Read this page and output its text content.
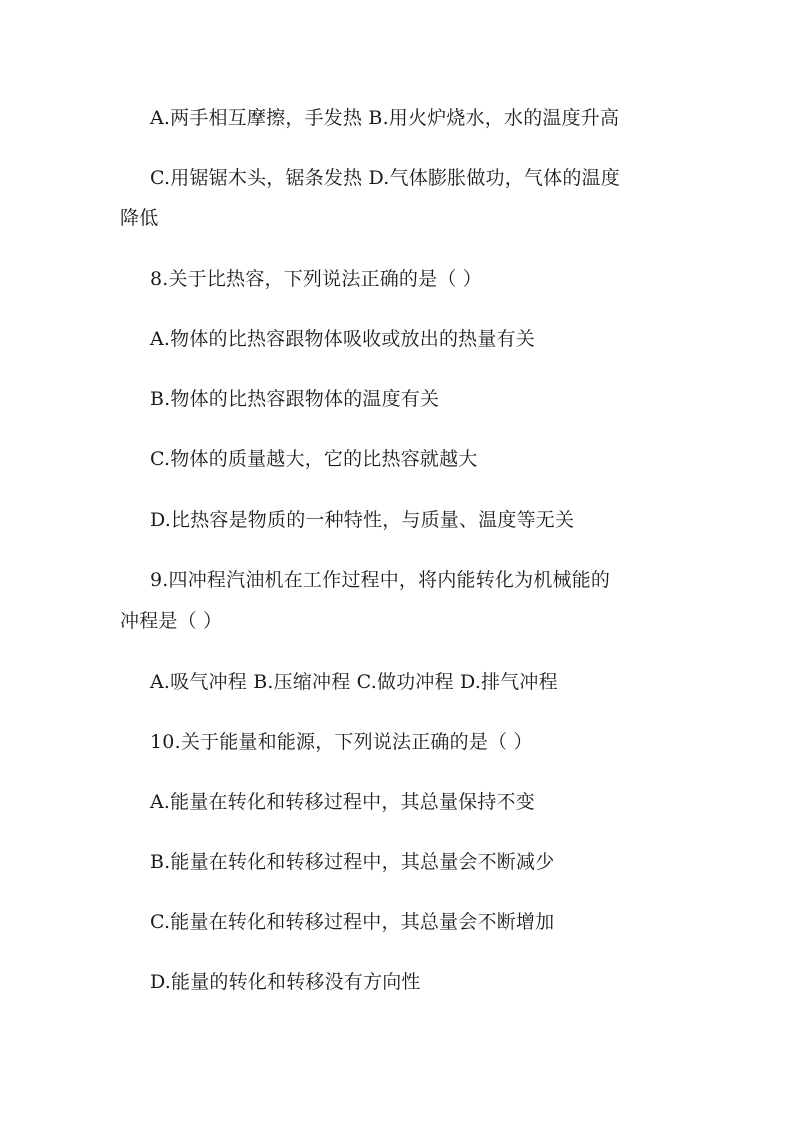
A.两手相互摩擦，手发热 B.用火炉烧水，水的温度升高
C.用锯锯木头，锯条发热 D.气体膨胀做功，气体的温度
降低
8.关于比热容，下列说法正确的是（ ）
A.物体的比热容跟物体吸收或放出的热量有关
B.物体的比热容跟物体的温度有关
C.物体的质量越大，它的比热容就越大
D.比热容是物质的一种特性，与质量、温度等无关
9.四冲程汽油机在工作过程中，将内能转化为机械能的
冲程是（ ）
A.吸气冲程 B.压缩冲程 C.做功冲程 D.排气冲程
10.关于能量和能源，下列说法正确的是（ ）
A.能量在转化和转移过程中，其总量保持不变
B.能量在转化和转移过程中，其总量会不断减少
C.能量在转化和转移过程中，其总量会不断增加
D.能量的转化和转移没有方向性
